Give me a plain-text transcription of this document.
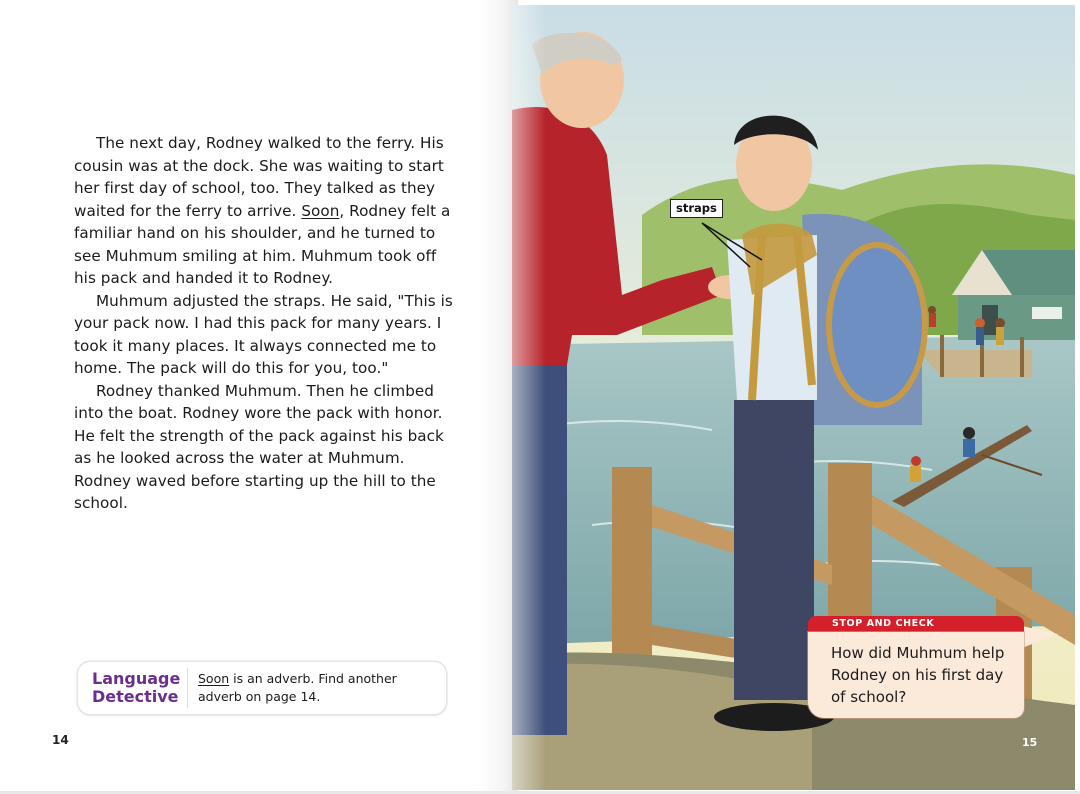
The next day, Rodney walked to the ferry. His cousin was at the dock. She was waiting to start her first day of school, too. They talked as they waited for the ferry to arrive. Soon, Rodney felt a familiar hand on his shoulder, and he turned to see Muhmum smiling at him. Muhmum took off his pack and handed it to Rodney.

Muhmum adjusted the straps. He said, "This is your pack now. I had this pack for many years. I took it many places. It always connected me to home. The pack will do this for you, too."

Rodney thanked Muhmum. Then he climbed into the boat. Rodney wore the pack with honor. He felt the strength of the pack against his back as he looked across the water at Muhmum. Rodney waved before starting up the hill to the school.

Language
Detective
Soon is an adverb. Find another adverb on page 14.
14
straps
STOP AND CHECK
How did Muhmum help Rodney on his first day of school?
15
